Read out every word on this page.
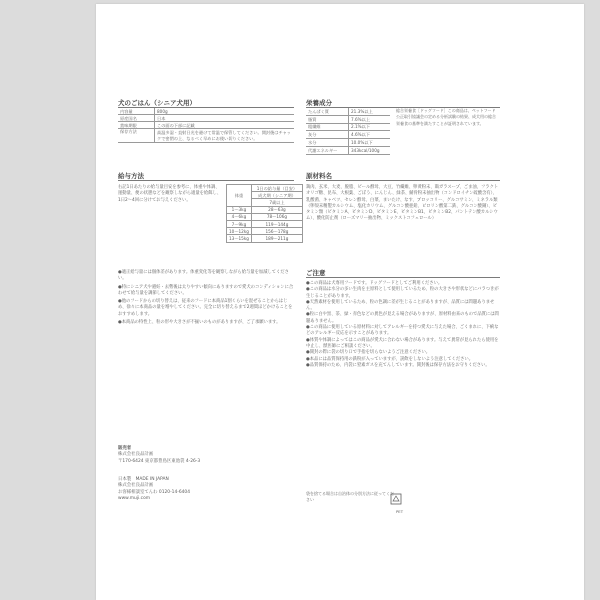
犬のごはん（シニア犬用）
内容量	800g
原産国名	日本
賞味期限	この面の下部に記載
保存方法	高温多湿・直射日光を避けて常温で保管してください。開封後はチャックで密閉の上、なるべく早めにお使い切りください。
栄養成分
たんぱく質	21.3%以上
脂質	7.6%以上
粗繊維	2.1%以下
灰分	4.6%以下
水分	10.0%以下
代謝エネルギー	343kcal/100g
総合栄養食［ドッグフード］この商品は、ペットフード公正取引協議会の定める分析試験の結果、成犬用の総合栄養食の基準を満たすことが証明されています。
給与方法
右記1日あたりの給与量目安を参考に、体重や体調、運動量、便の状態などを観察しながら適量を給餌し、1日2〜4回に分けてお与えください。
体重	1日の給与量（目安）
	成犬期（シニア期）
	7歳以上
1〜3kg	28〜63g
4〜6kg	78〜106g
7〜9kg	119〜144g
10〜12kg	156〜178g
13〜15kg	189〜211g
●適正給与量には個体差があります。体重変化等を観察しながら給与量を加減してください。
●特にシニア犬や避妊・去勢後は太りやすい傾向にありますので愛犬のコンディションに合わせて給与量を調節してください。
●他のフードからの切り替えは、従来のフードに本商品1割くらいを混ぜることからはじめ、徐々に本商品の量を増やしてください。完全に切り替えるまで2週間ほどかけることをおすすめします。
●本商品の特性上、粒の形や大きさが不揃いのものがありますが、ご了承願います。
原材料名
鶏肉、玄米、大麦、脱脂、ビール酵母、大豆、竹繊維、卵黄粉末、鶏ガラスープ、ごま油、フラクトオリゴ糖、昆布、大根葉、ごぼう、にんじん、緑茶、鯖骨粉末抽出物（コンドロイチン硫酸含有）、乳酸菌、キャベツ、セレン酵母、白菜、まいたけ、なす、ブロッコリー、グルコサミン、ミネラル類（卵殻末精製カルシウム、塩化カリウム、グルコン酸亜鉛、ピロリン酸第二鉄、グルコン酸銅）、ビタミン類（ビタミンA、ビタミンD、ビタミンE、ビタミンB1、ビタミンB2、パントテン酸カルシウム）、酸化防止剤（ローズマリー抽出物、ミックストコフェロール）
ご注意
●この商品は犬専用フードです。ドッグフードとしてご利用ください。
●この商品は水分の多い生肉を主原料として使用しているため、粒の大きさや形状などにバラつきが生じることがあります。
●天然素材を使用しているため、粒の色調に差が生じることがありますが、品質には問題ありません。
●粒に白や黒、茶、緑・赤色などの異色が見える場合がありますが、原材料由来のもので品質には問題ありません。
●この商品に使用している原材料に対してアレルギーを持つ愛犬に与えた場合、ごくまれに、下痢などのアレルギー反応を示すことがあります。
●体質や体調によってはこの商品が愛犬に合わない場合があります。与えて異常が見られたら使用を中止し、獣医師にご相談ください。
●開封の際に袋の切り口で手指を切らないようご注意ください。
●本品には品質保持用の鉄粉が入っていますが、誤飲をしないよう注意してください。
●品質保持のため、内袋に窒素ガスを充てんしています。開封後は保存方法をお守りください。
販売者
株式会社良品計画
〒170-6424 東京都豊島区東池袋 4-26-3
日本製　MADE IN JAPAN
株式会社良品計画
お客様相談室てんわ 0120-14-6404
www.muji.com
袋を捨てる場合は自治体の分別方法に従ってください
PET
